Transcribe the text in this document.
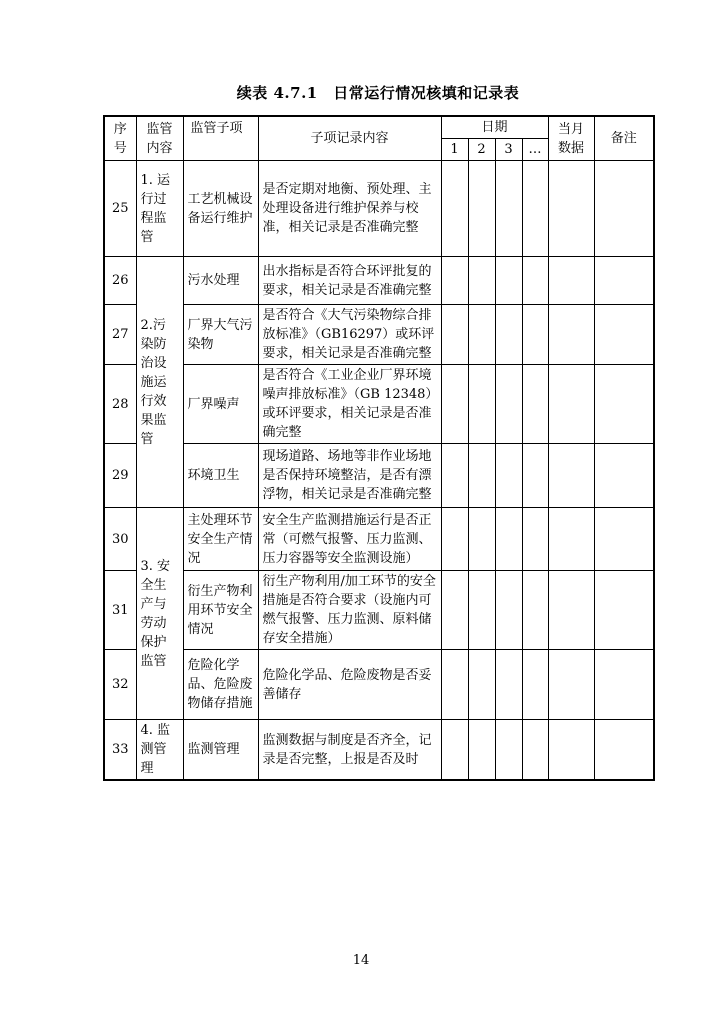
续表 4.7.1　日常运行情况核填和记录表
序号	监管内容	监管子项	子项记录内容	日期				当月数据	备注
				1	2	3	…		
25	1. 运行过程监管	工艺机械设备运行维护	是否定期对地衡、预处理、主处理设备进行维护保养与校准，相关记录是否准确完整						
26	2.污染防治设施运行效果监管	污水处理	出水指标是否符合环评批复的要求，相关记录是否准确完整						
27		厂界大气污染物	是否符合《大气污染物综合排放标准》（GB16297）或环评要求，相关记录是否准确完整						
28		厂界噪声	是否符合《工业企业厂界环境噪声排放标准》（GB 12348）或环评要求，相关记录是否准确完整						
29		环境卫生	现场道路、场地等非作业场地是否保持环境整洁，是否有漂浮物，相关记录是否准确完整						
30	3. 安全生产与劳动保护监管	主处理环节安全生产情况	安全生产监测措施运行是否正常（可燃气报警、压力监测、压力容器等安全监测设施）						
31		衍生产物利用环节安全情况	衍生产物利用/加工环节的安全措施是否符合要求（设施内可燃气报警、压力监测、原料储存安全措施）						
32		危险化学品、危险废物储存措施	危险化学品、危险废物是否妥善储存						
33	4. 监测管理	监测管理	监测数据与制度是否齐全，记录是否完整，上报是否及时						
14
